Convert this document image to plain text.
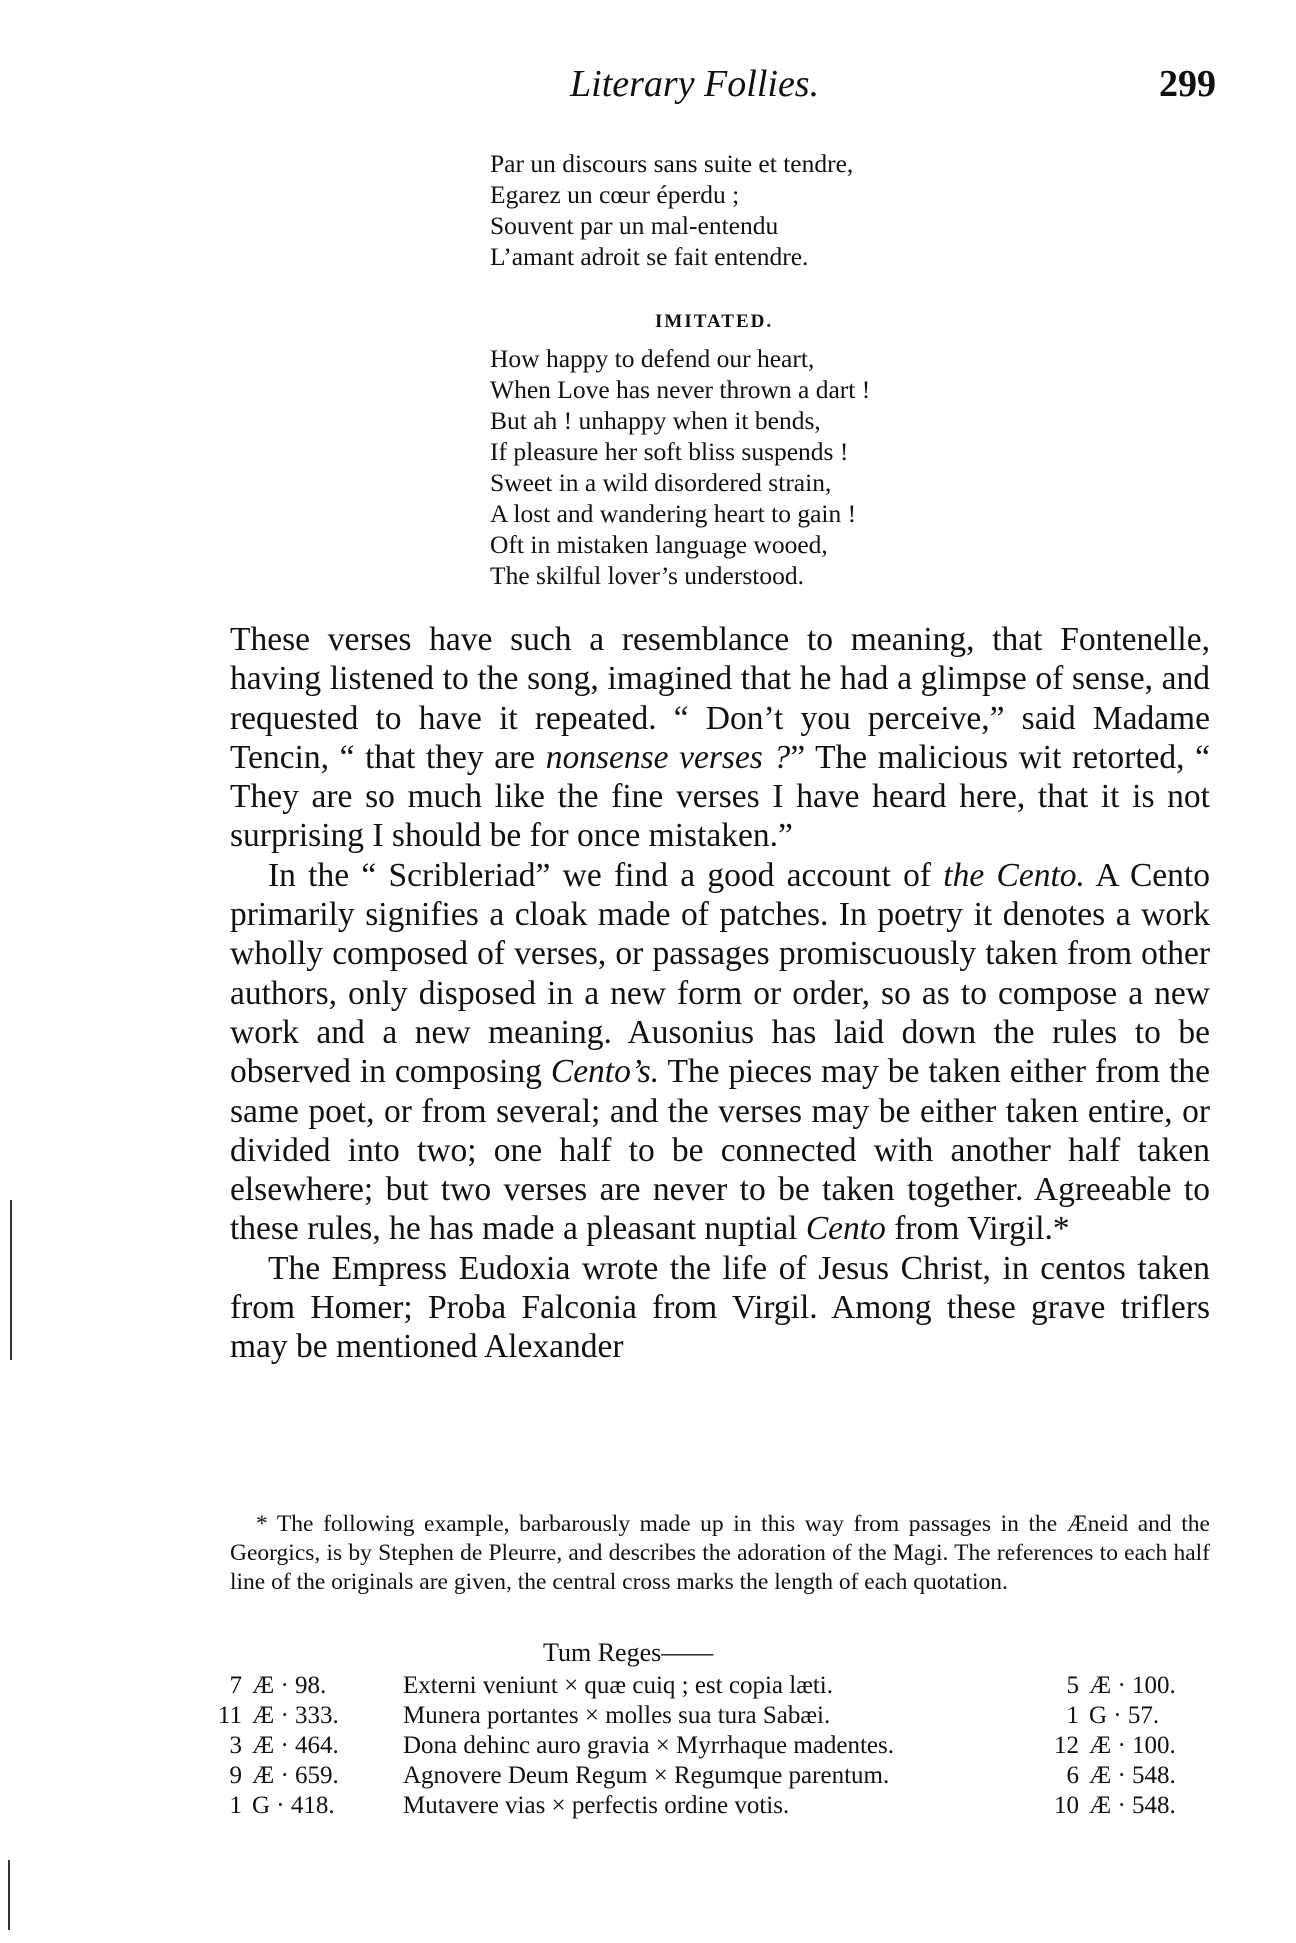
Literary Follies.	299
Par un discours sans suite et tendre,
Egarez un cœur éperdu ;
Souvent par un mal-entendu
L’amant adroit se fait entendre.
IMITATED.
How happy to defend our heart,
When Love has never thrown a dart !
But ah ! unhappy when it bends,
If pleasure her soft bliss suspends !
Sweet in a wild disordered strain,
A lost and wandering heart to gain !
Oft in mistaken language wooed,
The skilful lover’s understood.

These verses have such a resemblance to meaning, that Fontenelle, having listened to the song, imagined that he had a glimpse of sense, and requested to have it repeated. “ Don’t you perceive,” said Madame Tencin, “ that they are nonsense verses ?” The malicious wit retorted, “ They are so much like the fine verses I have heard here, that it is not surprising I should be for once mistaken.”

In the “ Scribleriad” we find a good account of the Cento. A Cento primarily signifies a cloak made of patches. In poetry it denotes a work wholly composed of verses, or passages promiscuously taken from other authors, only disposed in a new form or order, so as to compose a new work and a new meaning. Ausonius has laid down the rules to be observed in composing Cento’s. The pieces may be taken either from the same poet, or from several; and the verses may be either taken entire, or divided into two; one half to be connected with another half taken elsewhere; but two verses are never to be taken together. Agreeable to these rules, he has made a pleasant nuptial Cento from Virgil.*

The Empress Eudoxia wrote the life of Jesus Christ, in centos taken from Homer; Proba Falconia from Virgil. Among these grave triflers may be mentioned Alexander

* The following example, barbarously made up in this way from passages in the Æneid and the Georgics, is by Stephen de Pleurre, and describes the adoration of the Magi. The references to each half line of the originals are given, the central cross marks the length of each quotation.

Tum Reges——
7 Æ · 98.	Externi veniunt × quæ cuiq ; est copia læti.	5 Æ · 100.
11 Æ · 333.	Munera portantes × molles sua tura Sabæi.	1 G · 57.
3 Æ · 464.	Dona dehinc auro gravia × Myrrhaque madentes.	12 Æ · 100.
9 Æ · 659.	Agnovere Deum Regum × Regumque parentum.	6 Æ · 548.
1 G · 418.	Mutavere vias × perfectis ordine votis.	10 Æ · 548.
